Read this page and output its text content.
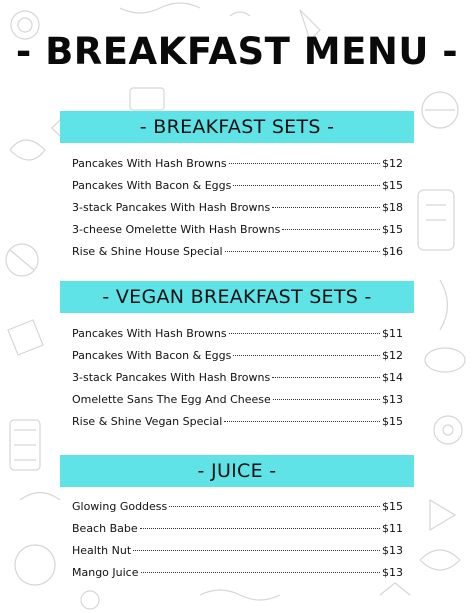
- BREAKFAST MENU -
- BREAKFAST SETS -
Pancakes With Hash Browns	$12
Pancakes With Bacon & Eggs	$15
3-stack Pancakes With Hash Browns	$18
3-cheese Omelette With Hash Browns	$15
Rise & Shine House Special	$16
- VEGAN BREAKFAST SETS -
Pancakes With Hash Browns	$11
Pancakes With Bacon & Eggs	$12
3-stack Pancakes With Hash Browns	$14
Omelette Sans The Egg And Cheese	$13
Rise & Shine Vegan Special	$15
- JUICE -
Glowing Goddess	$15
Beach Babe	$11
Health Nut	$13
Mango Juice	$13
